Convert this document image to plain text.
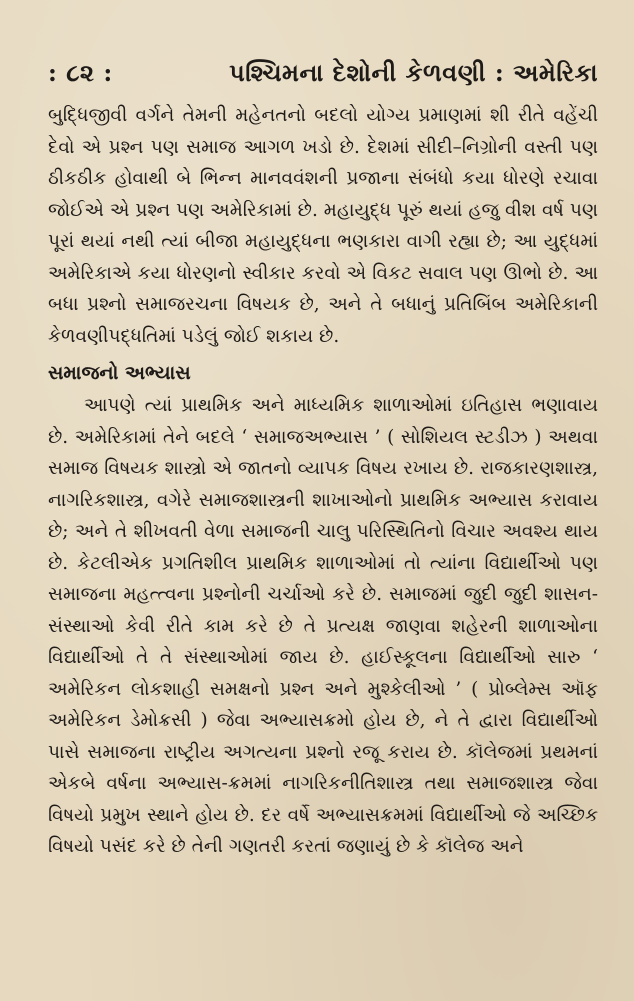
: ૮૨ :	પશ્ચિમના દેશોની કેળવણી : અમેરિકા

બુદ્ધિજીવી વર્ગને તેમની મહેનતનો બદલો યોગ્ય પ્રમાણમાં શી રીતે વહેંચી દેવો એ પ્રશ્ન પણ સમાજ આગળ ખડો છે. દેશમાં સીદી–નિગ્રોની વસ્તી પણ ઠીકઠીક હોવાથી બે ભિન્ન માનવવંશની પ્રજાના સંબંધો કયા ધોરણે રચાવા જોઈએ એ પ્રશ્ન પણ અમેરિકામાં છે. મહાયુદ્ધ પૂરું થયાં હજુ વીશ વર્ષ પણ પૂરાં થયાં નથી ત્યાં બીજા મહાયુદ્ધના ભણકારા વાગી રહ્યા છે; આ યુદ્ધમાં અમેરિકાએ કયા ધોરણનો સ્વીકાર કરવો એ વિકટ સવાલ પણ ઊભો છે. આ બધા પ્રશ્નો સમાજરચના વિષયક છે, અને તે બધાનું પ્રતિબિંબ અમેરિકાની કેળવણીપદ્ધતિમાં પડેલું જોઈ શકાય છે.

સમાજનો અભ્યાસ

આપણે ત્યાં પ્રાથમિક અને માધ્યમિક શાળાઓમાં ઇતિહાસ ભણાવાય છે. અમેરિકામાં તેને બદલે ‘ સમાજઅભ્યાસ ’ ( સોશિયલ સ્ટડીઝ ) અથવા સમાજ વિષયક શાસ્ત્રો એ જાતનો વ્યાપક વિષય રખાય છે. રાજકારણશાસ્ત્ર, નાગરિકશાસ્ત્ર, વગેરે સમાજશાસ્ત્રની શાખાઓનો પ્રાથમિક અભ્યાસ કરાવાય છે; અને તે શીખવતી વેળા સમાજની ચાલુ પરિસ્થિતિનો વિચાર અવશ્ય થાય છે. કેટલીએક પ્રગતિશીલ પ્રાથમિક શાળાઓમાં તો ત્યાંના વિદ્યાર્થીઓ પણ સમાજના મહત્ત્વના પ્રશ્નોની ચર્ચાઓ કરે છે. સમાજમાં જુદી જુદી શાસન-સંસ્થાઓ કેવી રીતે કામ કરે છે તે પ્રત્યક્ષ જાણવા શહેરની શાળાઓના વિદ્યાર્થીઓ તે તે સંસ્થાઓમાં જાય છે. હાઈસ્કૂલના વિદ્યાર્થીઓ સારુ ‘ અમેરિકન લોકશાહી સમક્ષનો પ્રશ્ન અને મુશ્કેલીઓ ’ ( પ્રોબ્લેમ્સ ઑફ અમેરિકન ડેમોક્રસી ) જેવા અભ્યાસક્રમો હોય છે, ને તે દ્વારા વિદ્યાર્થીઓ પાસે સમાજના રાષ્ટ્રીય અગત્યના પ્રશ્નો રજૂ કરાય છે. કૉલેજમાં પ્રથમનાં એકબે વર્ષના અભ્યાસ-ક્રમમાં નાગરિકનીતિશાસ્ત્ર તથા સમાજશાસ્ત્ર જેવા વિષયો પ્રમુખ સ્થાને હોય છે. દર વર્ષે અભ્યાસક્રમમાં વિદ્યાર્થીઓ જે અચ્છિક વિષયો પસંદ કરે છે તેની ગણતરી કરતાં જણાયું છે કે કૉલેજ અને
